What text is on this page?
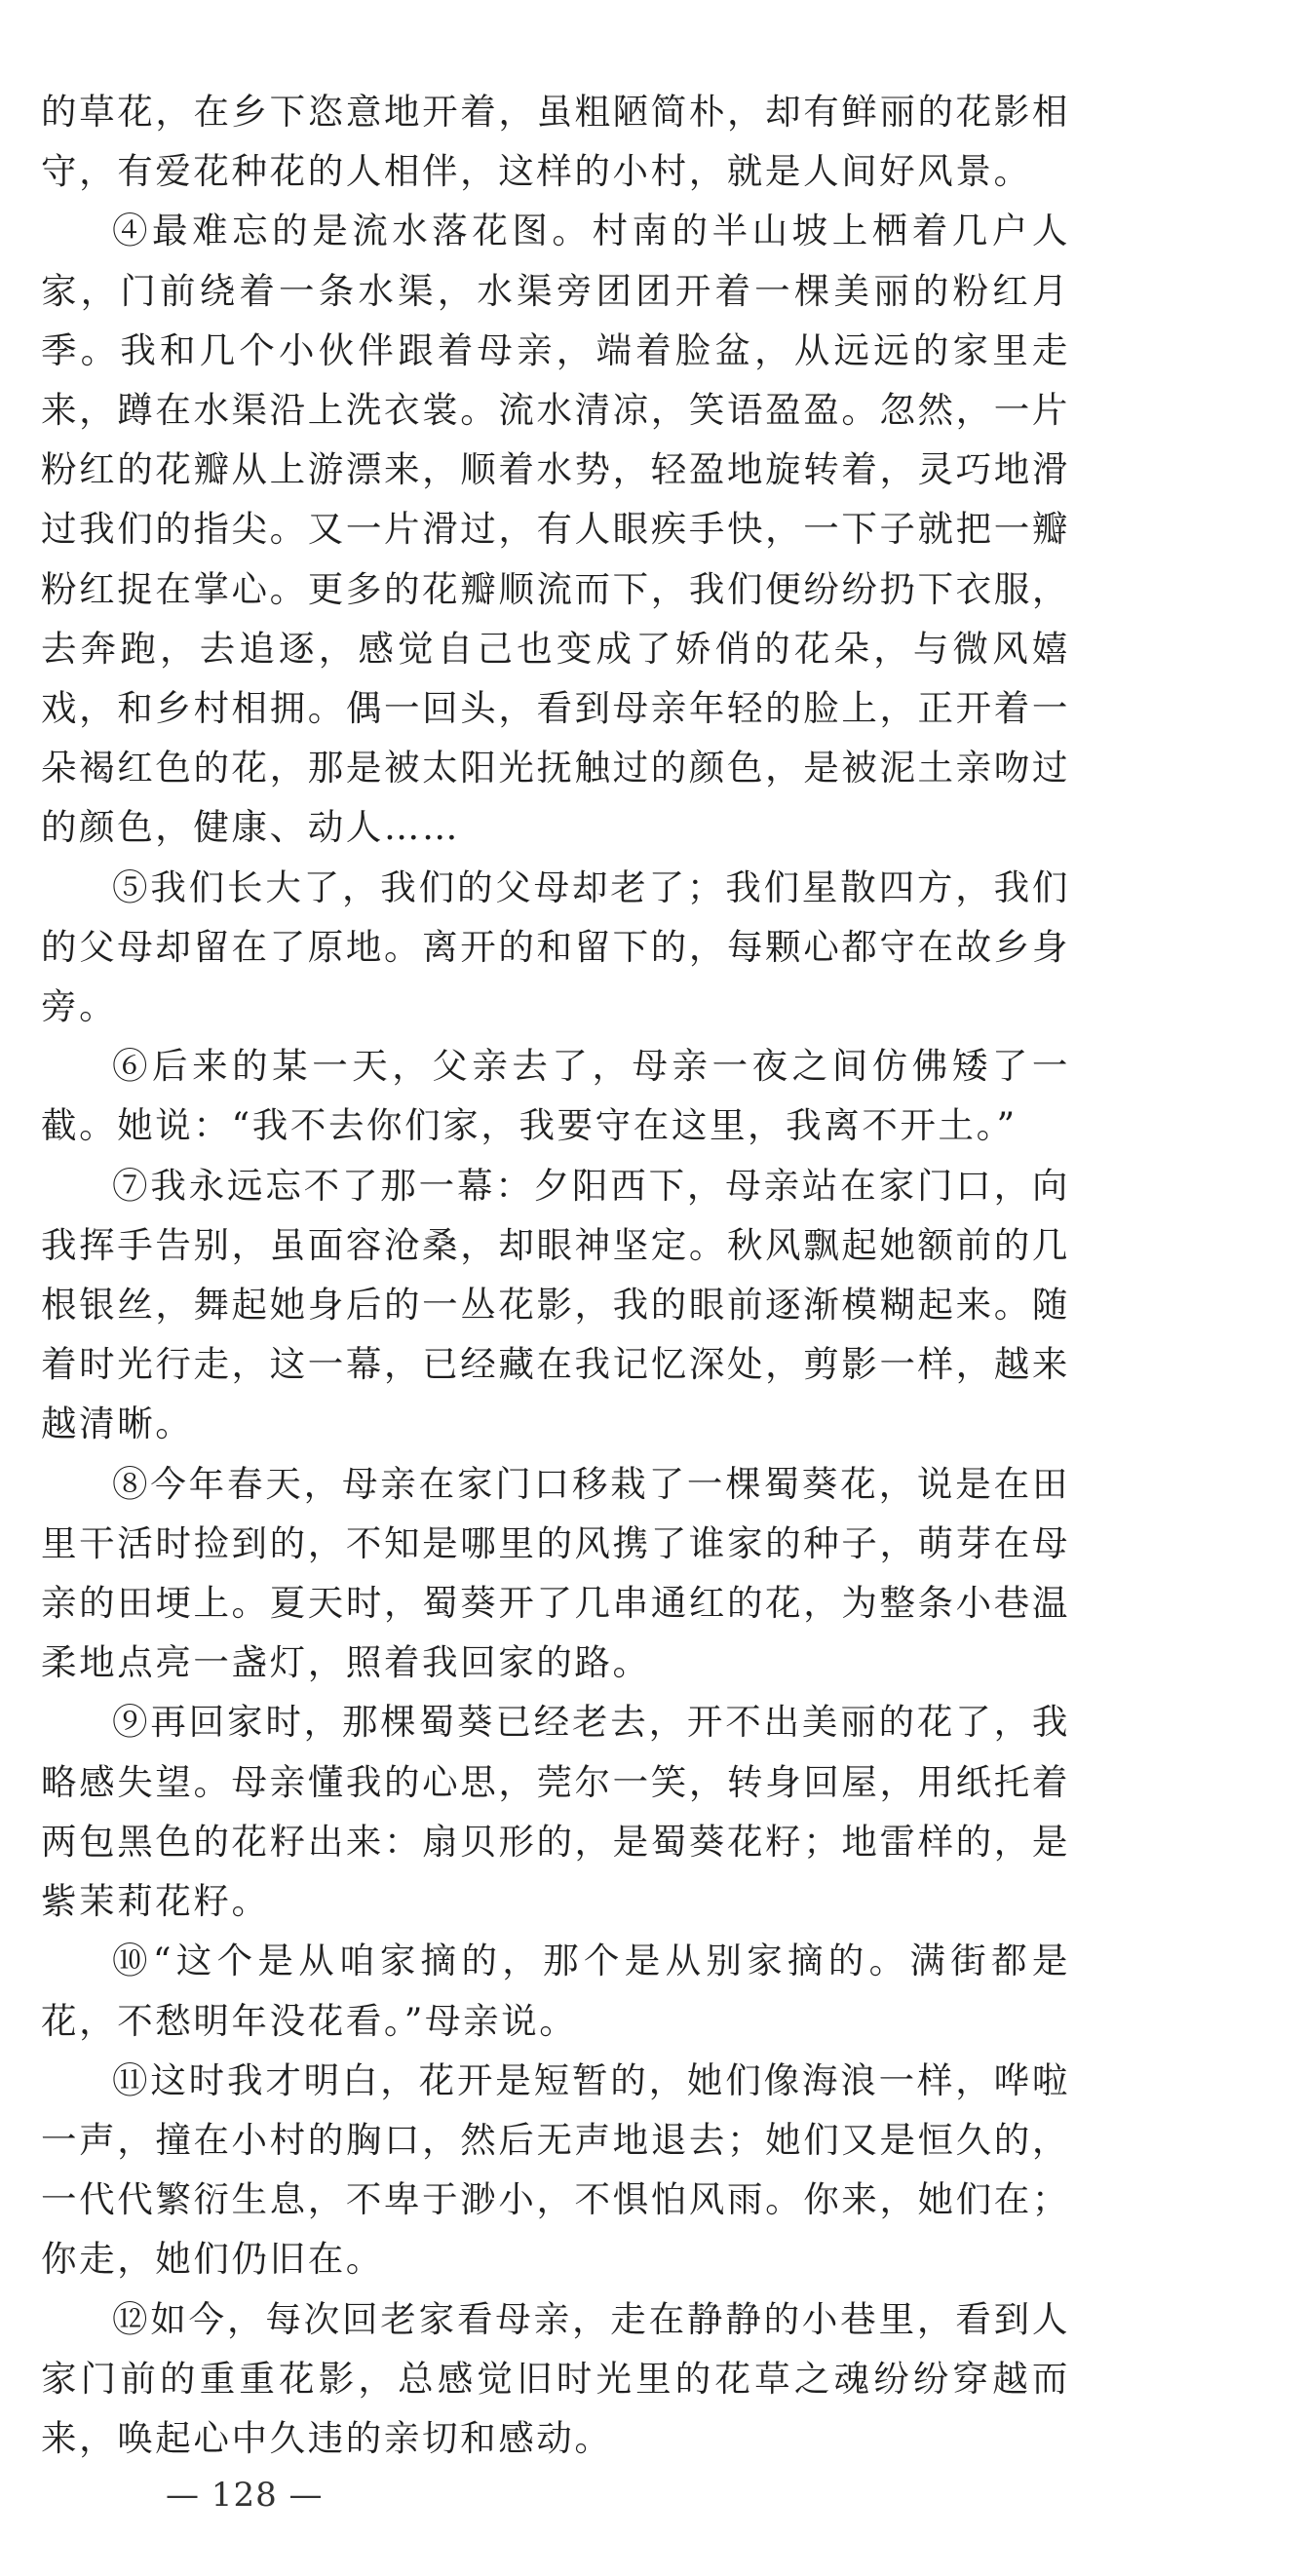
的草花，在乡下恣意地开着，虽粗陋简朴，却有鲜丽的花影相守，有爱花种花的人相伴，这样的小村，就是人间好风景。

④最难忘的是流水落花图。村南的半山坡上栖着几户人家，门前绕着一条水渠，水渠旁团团开着一棵美丽的粉红月季。我和几个小伙伴跟着母亲，端着脸盆，从远远的家里走来，蹲在水渠沿上洗衣裳。流水清凉，笑语盈盈。忽然，一片粉红的花瓣从上游漂来，顺着水势，轻盈地旋转着，灵巧地滑过我们的指尖。又一片滑过，有人眼疾手快，一下子就把一瓣粉红捉在掌心。更多的花瓣顺流而下，我们便纷纷扔下衣服，去奔跑，去追逐，感觉自己也变成了娇俏的花朵，与微风嬉戏，和乡村相拥。偶一回头，看到母亲年轻的脸上，正开着一朵褐红色的花，那是被太阳光抚触过的颜色，是被泥土亲吻过的颜色，健康、动人……

⑤我们长大了，我们的父母却老了；我们星散四方，我们的父母却留在了原地。离开的和留下的，每颗心都守在故乡身旁。

⑥后来的某一天，父亲去了，母亲一夜之间仿佛矮了一截。她说：“我不去你们家，我要守在这里，我离不开土。”

⑦我永远忘不了那一幕：夕阳西下，母亲站在家门口，向我挥手告别，虽面容沧桑，却眼神坚定。秋风飘起她额前的几根银丝，舞起她身后的一丛花影，我的眼前逐渐模糊起来。随着时光行走，这一幕，已经藏在我记忆深处，剪影一样，越来越清晰。

⑧今年春天，母亲在家门口移栽了一棵蜀葵花，说是在田里干活时捡到的，不知是哪里的风携了谁家的种子，萌芽在母亲的田埂上。夏天时，蜀葵开了几串通红的花，为整条小巷温柔地点亮一盏灯，照着我回家的路。

⑨再回家时，那棵蜀葵已经老去，开不出美丽的花了，我略感失望。母亲懂我的心思，莞尔一笑，转身回屋，用纸托着两包黑色的花籽出来：扇贝形的，是蜀葵花籽；地雷样的，是紫茉莉花籽。

⑩“这个是从咱家摘的，那个是从别家摘的。满街都是花，不愁明年没花看。”母亲说。

⑪这时我才明白，花开是短暂的，她们像海浪一样，哗啦一声，撞在小村的胸口，然后无声地退去；她们又是恒久的，一代代繁衍生息，不卑于渺小，不惧怕风雨。你来，她们在；你走，她们仍旧在。

⑫如今，每次回老家看母亲，走在静静的小巷里，看到人家门前的重重花影，总感觉旧时光里的花草之魂纷纷穿越而来，唤起心中久违的亲切和感动。

— 128 —
